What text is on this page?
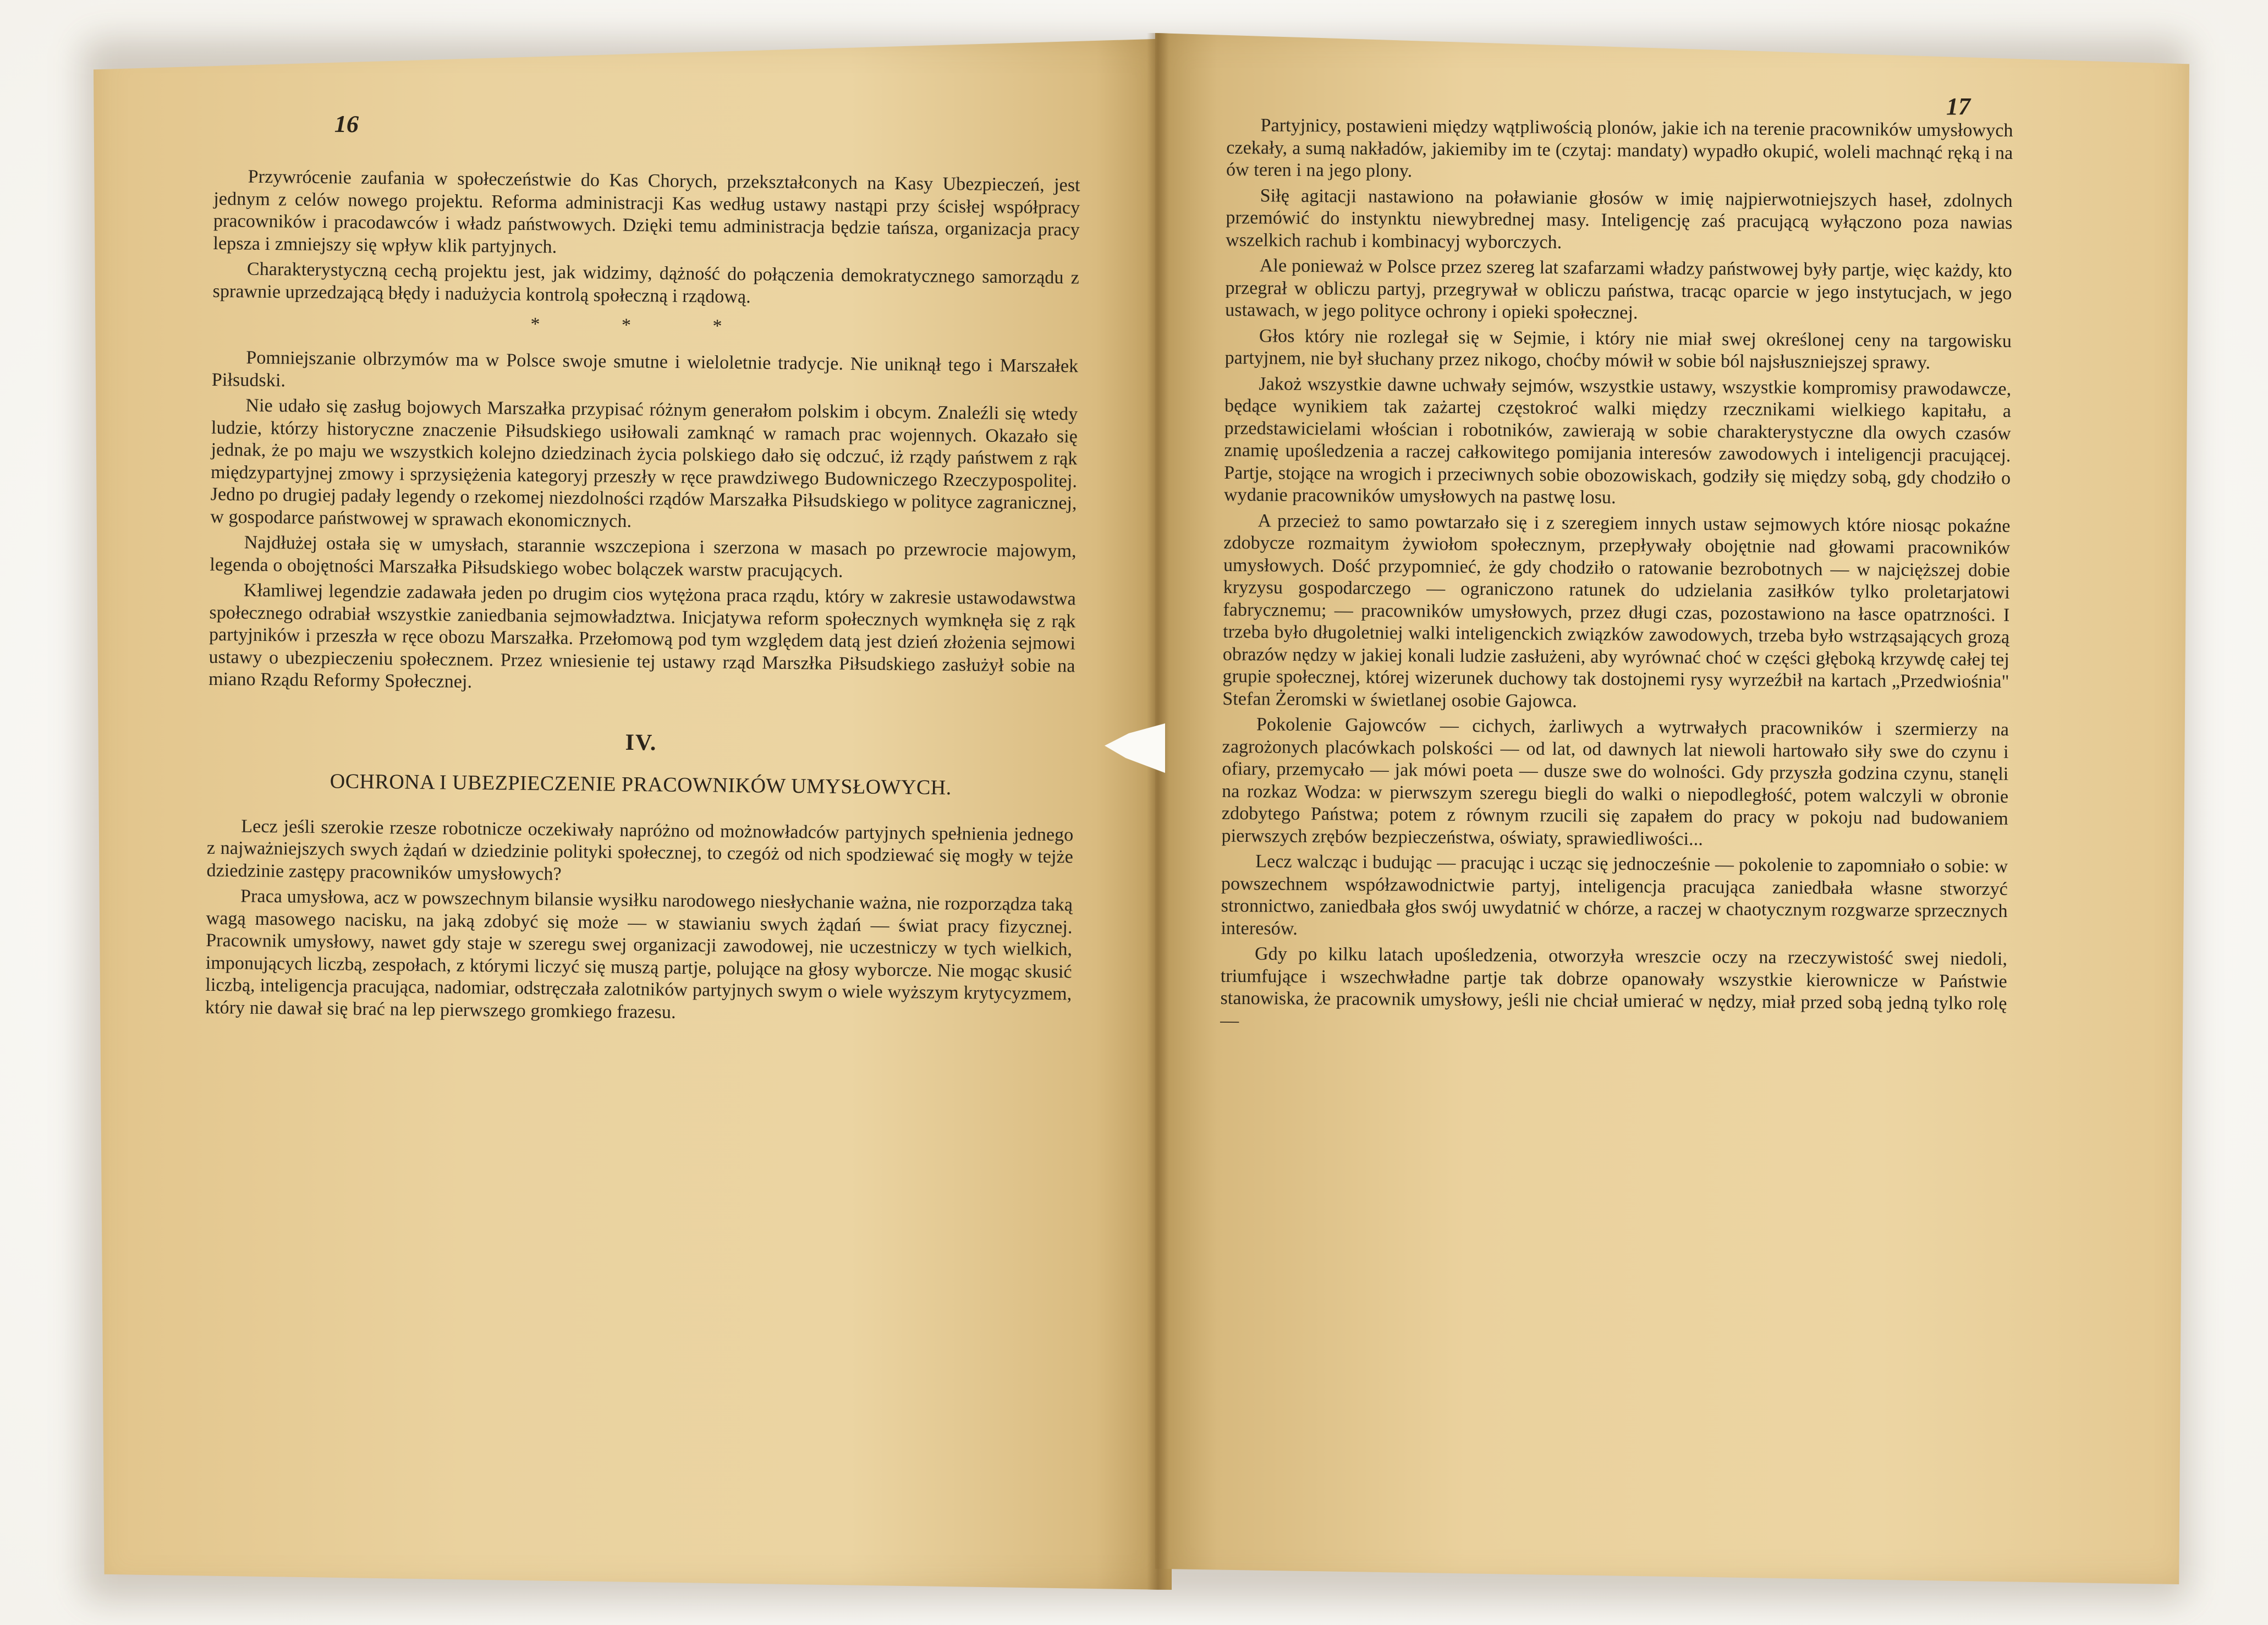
16
17

Przywrócenie zaufania w społeczeństwie do Kas Chorych, przekształconych na Kasy Ubezpieczeń, jest jednym z celów nowego projektu. Reforma administracji Kas według ustawy nastąpi przy ścisłej współpracy pracowników i pracodawców i władz państwowych. Dzięki temu administracja będzie tańsza, organizacja pracy lepsza i zmniejszy się wpływ klik partyjnych.

Charakterystyczną cechą projektu jest, jak widzimy, dążność do połączenia demokratycznego samorządu z sprawnie uprzedzającą błędy i nadużycia kontrolą społeczną i rządową.

* * *

Pomniejszanie olbrzymów ma w Polsce swoje smutne i wieloletnie tradycje. Nie uniknął tego i Marszałek Piłsudski.

Nie udało się zasług bojowych Marszałka przypisać różnym generałom polskim i obcym. Znaleźli się wtedy ludzie, którzy historyczne znaczenie Piłsudskiego usiłowali zamknąć w ramach prac wojennych. Okazało się jednak, że po maju we wszystkich kolejno dziedzinach życia polskiego dało się odczuć, iż rządy państwem z rąk międzypartyjnej zmowy i sprzysiężenia kategoryj przeszły w ręce prawdziwego Budowniczego Rzeczypospolitej. Jedno po drugiej padały legendy o rzekomej niezdolności rządów Marszałka Piłsudskiego w polityce zagranicznej, w gospodarce państwowej w sprawach ekonomicznych.

Najdłużej ostała się w umysłach, starannie wszczepiona i szerzona w masach po przewrocie majowym, legenda o obojętności Marszałka Piłsudskiego wobec bolączek warstw pracujących.

Kłamliwej legendzie zadawała jeden po drugim cios wytężona praca rządu, który w zakresie ustawodawstwa społecznego odrabiał wszystkie zaniedbania sejmowładztwa. Inicjatywa reform społecznych wymknęła się z rąk partyjników i przeszła w ręce obozu Marszałka. Przełomową pod tym względem datą jest dzień złożenia sejmowi ustawy o ubezpieczeniu społecznem. Przez wniesienie tej ustawy rząd Marszłka Piłsudskiego zasłużył sobie na miano Rządu Reformy Społecznej.

IV.
OCHRONA I UBEZPIECZENIE PRACOWNIKÓW UMYSŁOWYCH.

Lecz jeśli szerokie rzesze robotnicze oczekiwały napróżno od możnowładców partyjnych spełnienia jednego z najważniejszych swych żądań w dziedzinie polityki społecznej, to czegóż od nich spodziewać się mogły w tejże dziedzinie zastępy pracowników umysłowych?

Praca umysłowa, acz w powszechnym bilansie wysiłku narodowego niesłychanie ważna, nie rozporządza taką wagą masowego nacisku, na jaką zdobyć się może — w stawianiu swych żądań — świat pracy fizycznej. Pracownik umysłowy, nawet gdy staje w szeregu swej organizacji zawodowej, nie uczestniczy w tych wielkich, imponujących liczbą, zespołach, z którymi liczyć się muszą partje, polujące na głosy wyborcze. Nie mogąc skusić liczbą, inteligencja pracująca, nadomiar, odstręczała zalotników partyjnych swym o wiele wyższym krytycyzmem, który nie dawał się brać na lep pierwszego gromkiego frazesu.

Partyjnicy, postawieni między wątpliwością plonów, jakie ich na terenie pracowników umysłowych czekały, a sumą nakładów, jakiemiby im te (czytaj: mandaty) wypadło okupić, woleli machnąć ręką i na ów teren i na jego plony.

Siłę agitacji nastawiono na poławianie głosów w imię najpierwotniejszych haseł, zdolnych przemówić do instynktu niewybrednej masy. Inteligencję zaś pracującą wyłączono poza nawias wszelkich rachub i kombinacyj wyborczych.

Ale ponieważ w Polsce przez szereg lat szafarzami władzy państwowej były partje, więc każdy, kto przegrał w obliczu partyj, przegrywał w obliczu państwa, tracąc oparcie w jego instytucjach, w jego ustawach, w jego polityce ochrony i opieki społecznej.

Głos który nie rozlegał się w Sejmie, i który nie miał swej określonej ceny na targowisku partyjnem, nie był słuchany przez nikogo, choćby mówił w sobie ból najsłuszniejszej sprawy.

Jakoż wszystkie dawne uchwały sejmów, wszystkie ustawy, wszystkie kompromisy prawodawcze, będące wynikiem tak zażartej częstokroć walki między rzecznikami wielkiego kapitału, a przedstawicielami włościan i robotników, zawierają w sobie charakterystyczne dla owych czasów znamię upośledzenia a raczej całkowitego pomijania interesów zawodowych i inteligencji pracującej. Partje, stojące na wrogich i przeciwnych sobie obozowiskach, godziły się między sobą, gdy chodziło o wydanie pracowników umysłowych na pastwę losu.

A przecież to samo powtarzało się i z szeregiem innych ustaw sejmowych które niosąc pokaźne zdobycze rozmaitym żywiołom społecznym, przepływały obojętnie nad głowami pracowników umysłowych. Dość przypomnieć, że gdy chodziło o ratowanie bezrobotnych — w najcięższej dobie kryzysu gospodarczego — ograniczono ratunek do udzielania zasiłków tylko proletarjatowi fabrycznemu; — pracowników umysłowych, przez długi czas, pozostawiono na łasce opatrzności. I trzeba było długoletniej walki inteligenckich związków zawodowych, trzeba było wstrząsających grozą obrazów nędzy w jakiej konali ludzie zasłużeni, aby wyrównać choć w części głęboką krzywdę całej tej grupie społecznej, której wizerunek duchowy tak dostojnemi rysy wyrzeźbił na kartach „Przedwiośnia" Stefan Żeromski w świetlanej osobie Gajowca.

Pokolenie Gajowców — cichych, żarliwych a wytrwałych pracowników i szermierzy na zagrożonych placówkach polskości — od lat, od dawnych lat niewoli hartowało siły swe do czynu i ofiary, przemycało — jak mówi poeta — dusze swe do wolności. Gdy przyszła godzina czynu, stanęli na rozkaz Wodza: w pierwszym szeregu biegli do walki o niepodległość, potem walczyli w obronie zdobytego Państwa; potem z równym rzucili się zapałem do pracy w pokoju nad budowaniem pierwszych zrębów bezpieczeństwa, oświaty, sprawiedliwości...

Lecz walcząc i budując — pracując i ucząc się jednocześnie — pokolenie to zapomniało o sobie: w powszechnem współzawodnictwie partyj, inteligencja pracująca zaniedbała własne stworzyć stronnictwo, zaniedbała głos swój uwydatnić w chórze, a raczej w chaotycznym rozgwarze sprzecznych interesów.

Gdy po kilku latach upośledzenia, otworzyła wreszcie oczy na rzeczywistość swej niedoli, triumfujące i wszechwładne partje tak dobrze opanowały wszystkie kierownicze w Państwie stanowiska, że pracownik umysłowy, jeśli nie chciał umierać w nędzy, miał przed sobą jedną tylko rolę —
